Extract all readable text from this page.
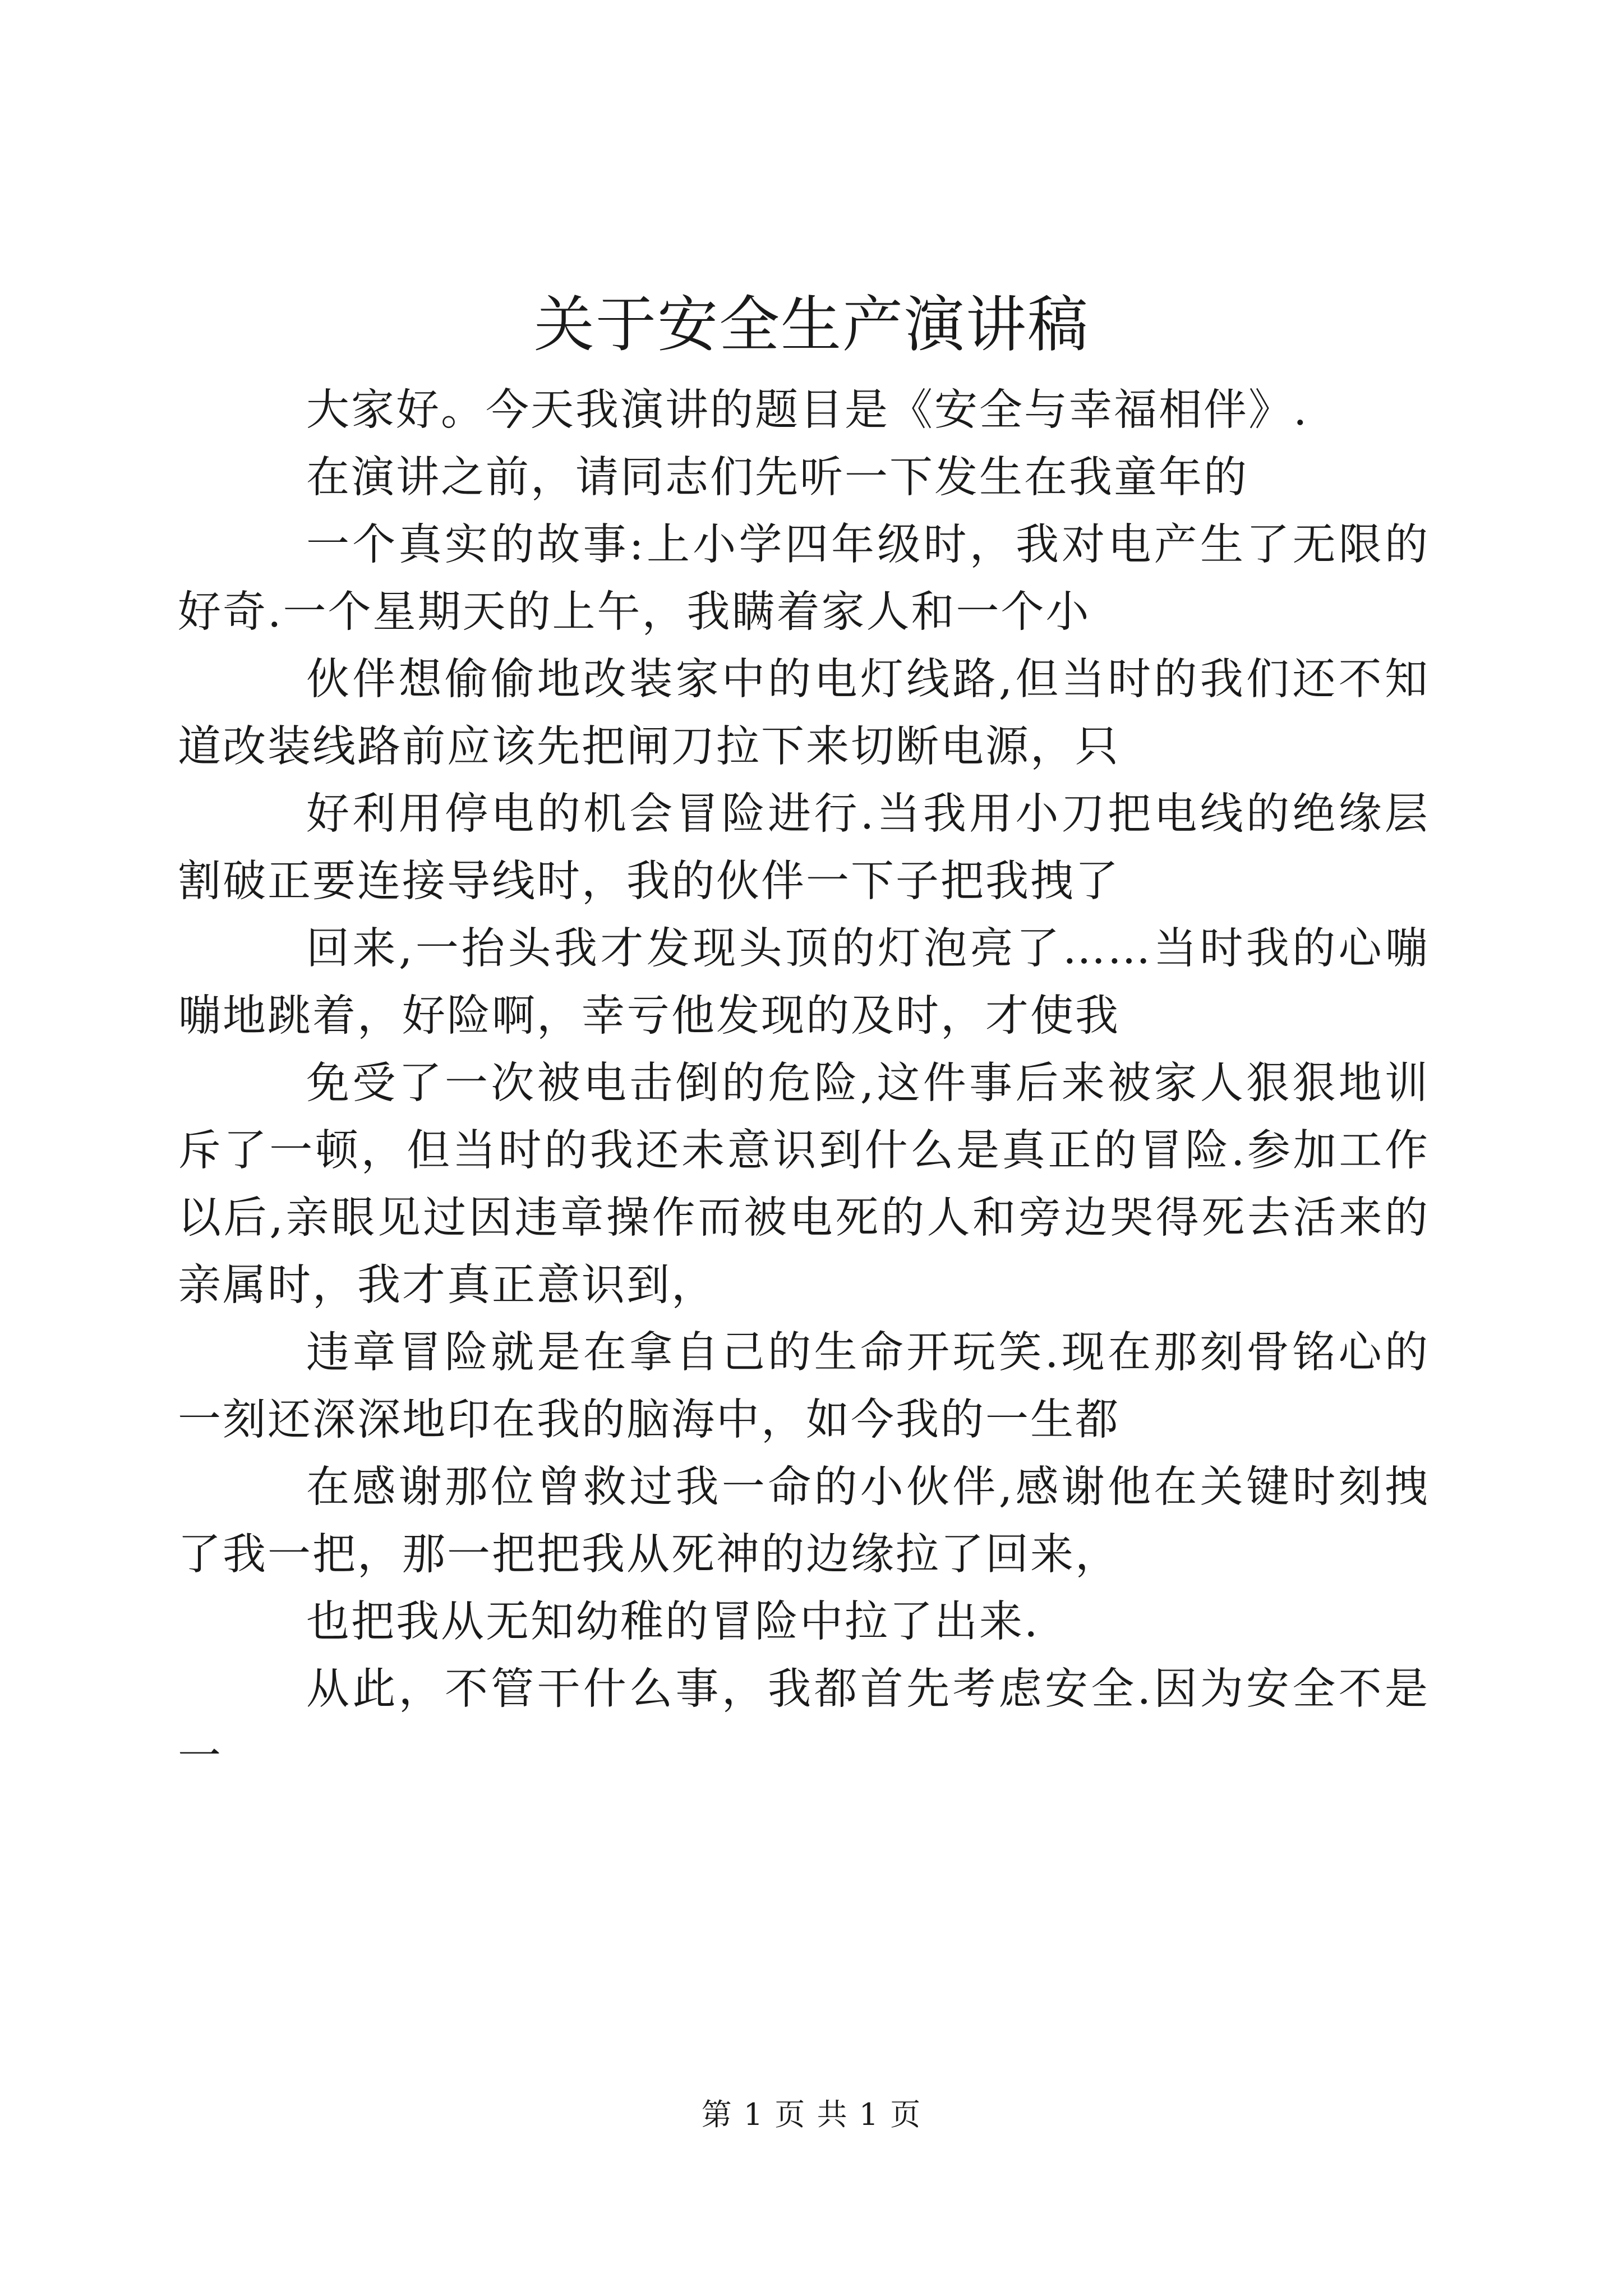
关于安全生产演讲稿

大家好。今天我演讲的题目是《安全与幸福相伴》.

在演讲之前，请同志们先听一下发生在我童年的

一个真实的故事:上小学四年级时，我对电产生了无限的好奇.一个星期天的上午，我瞒着家人和一个小

伙伴想偷偷地改装家中的电灯线路,但当时的我们还不知道改装线路前应该先把闸刀拉下来切断电源，只

好利用停电的机会冒险进行.当我用小刀把电线的绝缘层割破正要连接导线时，我的伙伴一下子把我拽了

回来,一抬头我才发现头顶的灯泡亮了……当时我的心嘣嘣地跳着，好险啊，幸亏他发现的及时，才使我

免受了一次被电击倒的危险,这件事后来被家人狠狠地训斥了一顿，但当时的我还未意识到什么是真正的冒险.参加工作以后,亲眼见过因违章操作而被电死的人和旁边哭得死去活来的亲属时，我才真正意识到，

违章冒险就是在拿自己的生命开玩笑.现在那刻骨铭心的一刻还深深地印在我的脑海中，如今我的一生都

在感谢那位曾救过我一命的小伙伴,感谢他在关键时刻拽了我一把，那一把把我从死神的边缘拉了回来，

也把我从无知幼稚的冒险中拉了出来.

从此，不管干什么事，我都首先考虑安全.因为安全不是一

第 1 页 共 1 页
